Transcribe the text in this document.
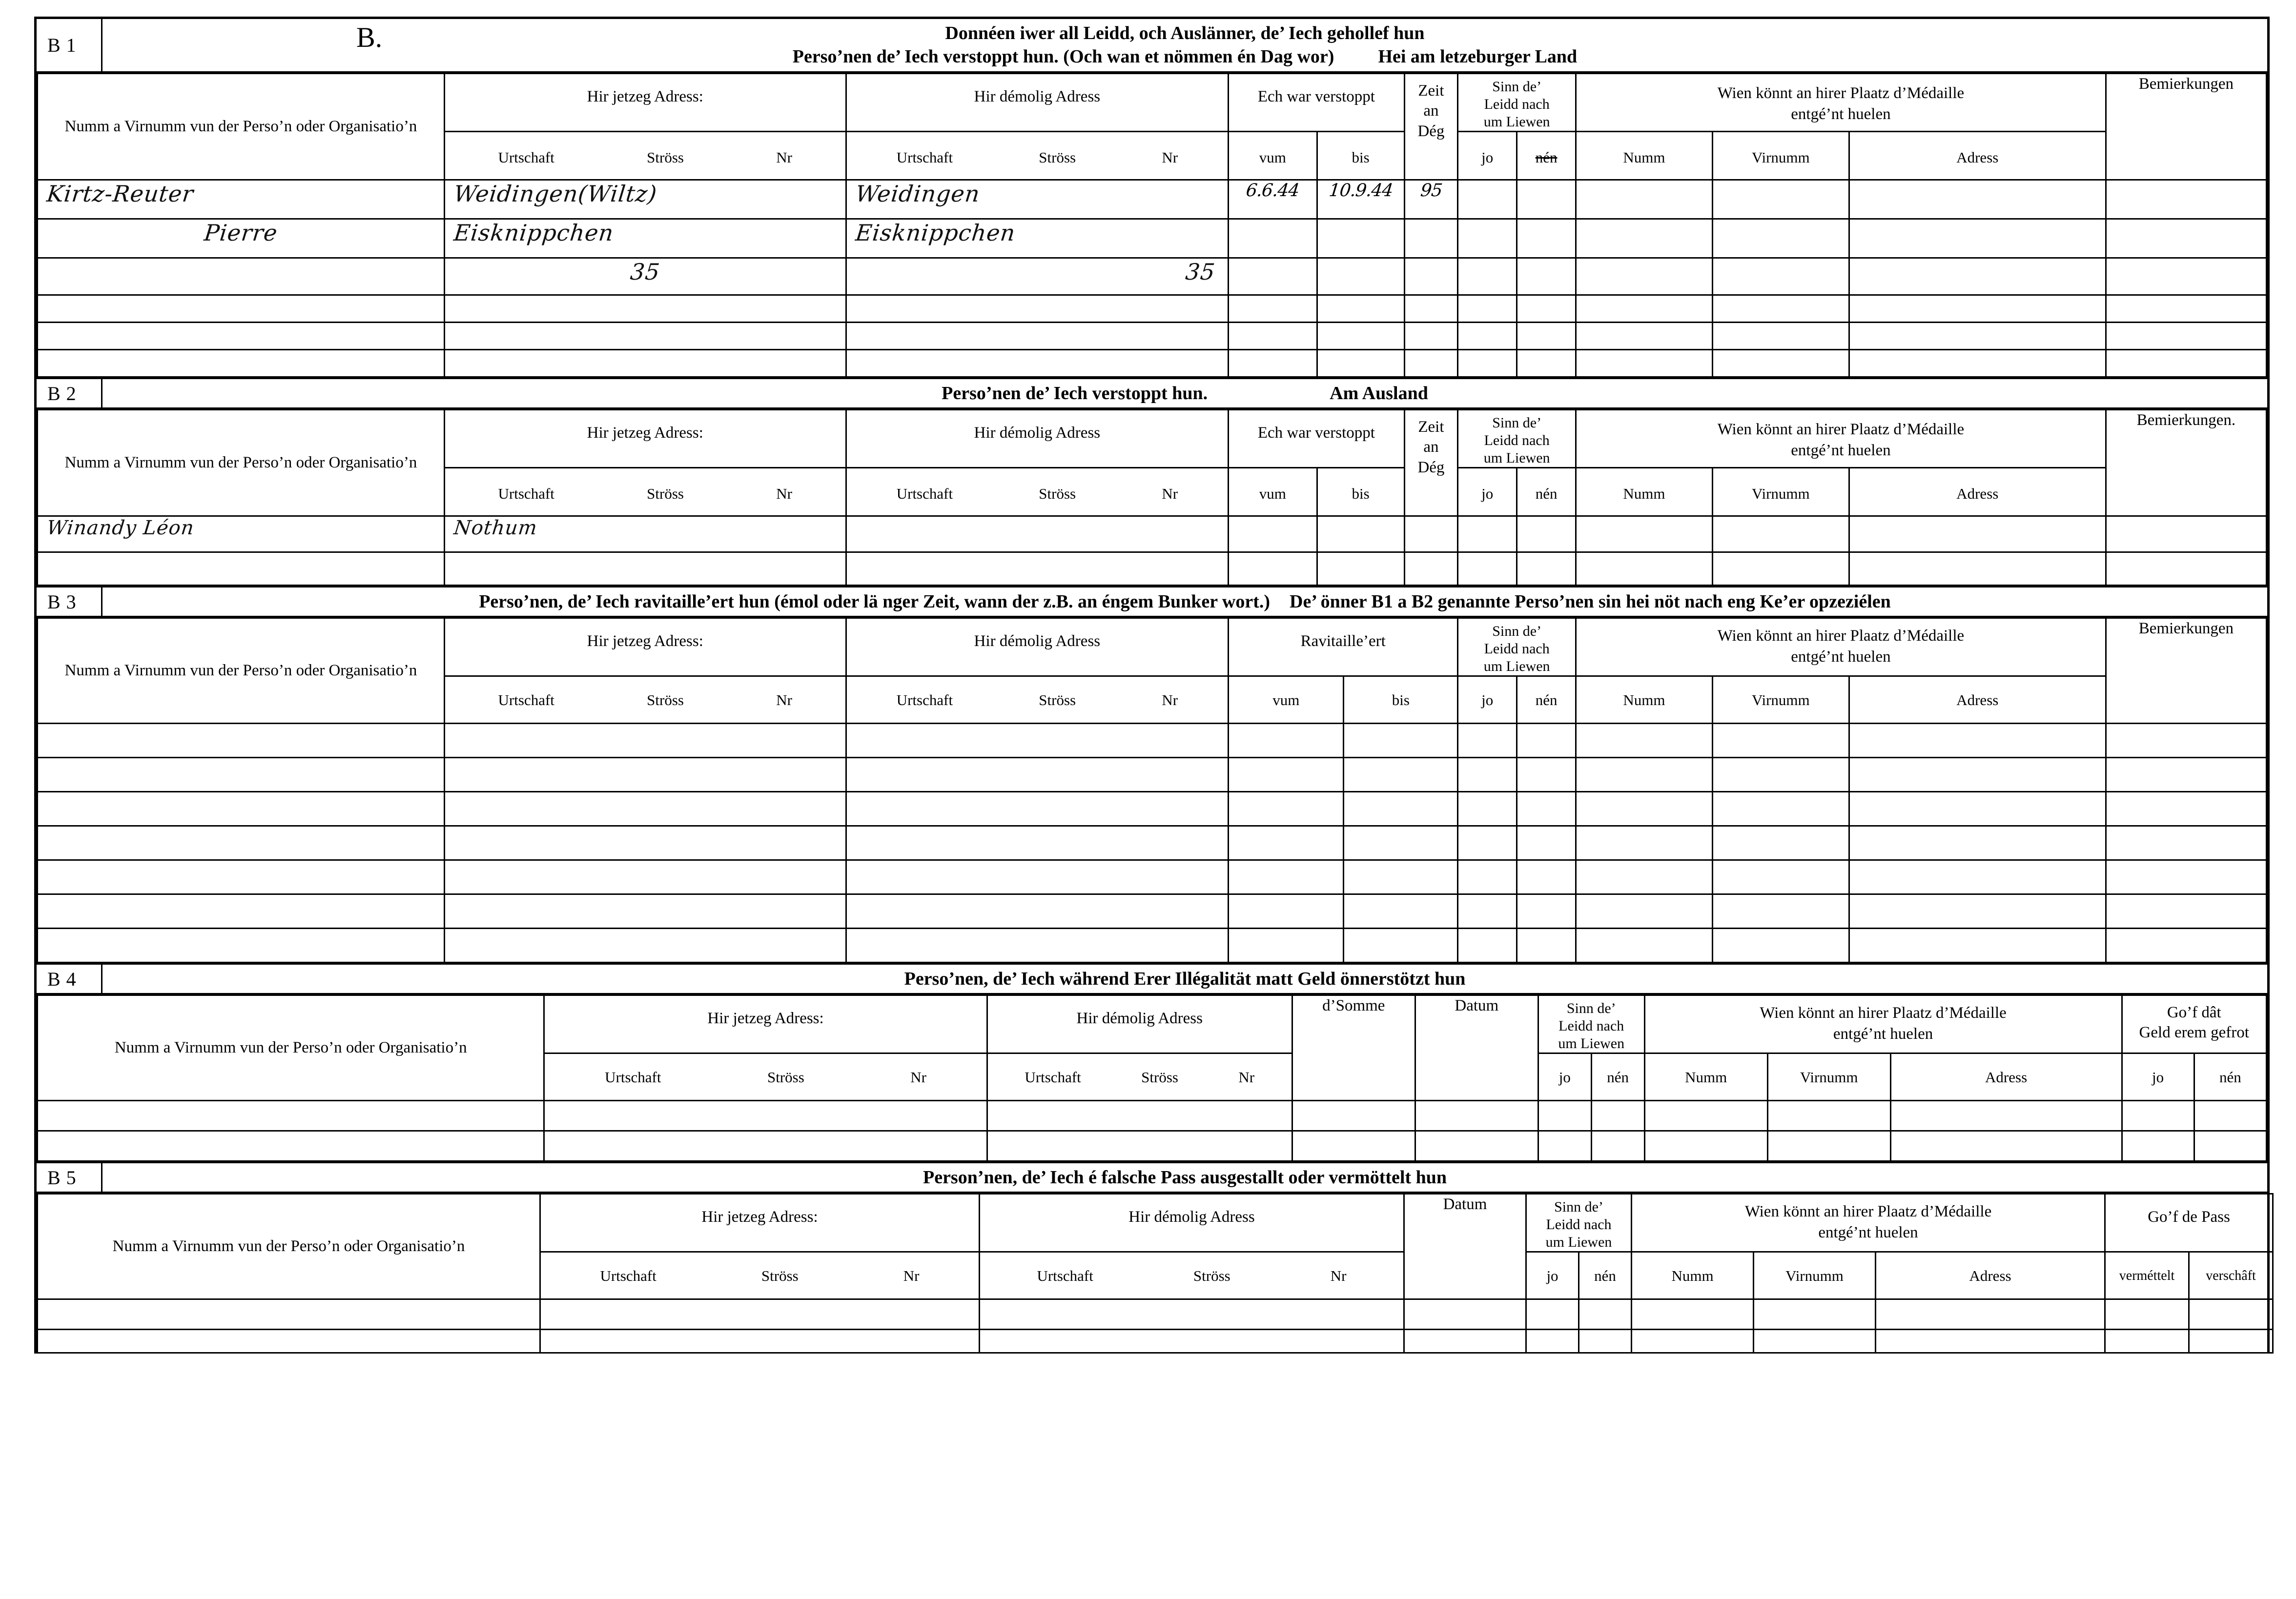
B 1	B.	Donnéen iwer all Leidd, och Auslänner, de’ Iech gehollef hun
Perso’nen de’ Iech verstoppt hun. (Och wan et nömmen én Dag wor) Hei am letzeburger Land
Numm a Virnumm vun der Perso’n oder Organisatio’n

Hir jetzeg Adress:	Hir démolig Adress	Ech war verstoppt	Zeit
an
Dég

Sinn de’
Leidd nach
um Liewen

Wien könnt an hirer Plaatz d’Médaille
entgé’nt huelen

Bemierkungen

	Urtschaft Ströss Nr	Urtschaft Ströss Nr	vum	bis		jo	nén	Numm	Virnumm	Adress	

Kirtz-Reuter	Weidingen(Wiltz)	Weidingen	6.6.44	10.9.44	95						

Pierre	Eisknippchen	Eisknippchen									

	35	35									

B 2	Perso’nen de’ Iech verstoppt hun.	Am Ausland
Numm a Virnumm vun der Perso’n oder Organisatio’n

Hir jetzeg Adress:	Hir démolig Adress	Ech war verstoppt	Zeit
an
Dég

Sinn de’
Leidd nach
um Liewen

Wien könnt an hirer Plaatz d’Médaille
entgé’nt huelen

Bemierkungen.

	Urtschaft Ströss Nr	Urtschaft Ströss Nr	vum	bis		jo	nén	Numm	Virnumm	Adress	

Winandy Léon	Nothum										

B 3	Perso’nen, de’ Iech ravitaille’ert hun (émol oder lä nger Zeit, wann der z.B. an éngem Bunker wort.) De’ önner B1 a B2 genannte Perso’nen sin hei nöt nach eng Ke’er opzeziélen
Numm a Virnumm vun der Perso’n oder Organisatio’n

Hir jetzeg Adress:	Hir démolig Adress	Ravitaille’ert

Sinn de’
Leidd nach
um Liewen

Wien könnt an hirer Plaatz d’Médaille
entgé’nt huelen

Bemierkungen

	Urtschaft Ströss Nr	Urtschaft Ströss Nr	vum	bis	jo	nén	Numm	Virnumm	Adress	

B 4	Perso’nen, de’ Iech während Erer Illégalität matt Geld önnerstötzt hun
Numm a Virnumm vun der Perso’n oder Organisatio’n

Hir jetzeg Adress:	Hir démolig Adress

d’Somme	Datum	Sinn de’
Leidd nach
um Liewen

Wien könnt an hirer Plaatz d’Médaille
entgé’nt huelen

Go’f dât
Geld erem gefrot

	Urtschaft Ströss Nr	Urtschaft Ströss Nr			jo	nén	Numm	Virnumm	Adress	jo	nén

B 5	Person’nen, de’ Iech é falsche Pass ausgestallt oder vermöttelt hun
Numm a Virnumm vun der Perso’n oder Organisatio’n

Hir jetzeg Adress:	Hir démolig Adress

Datum	Sinn de’
Leidd nach
um Liewen

Wien könnt an hirer Plaatz d’Médaille
entgé’nt huelen

Go’f de Pass

	Urtschaft Ströss Nr	Urtschaft Ströss Nr		jo	nén	Numm	Virnumm	Adress	verméttelt	verschâft
